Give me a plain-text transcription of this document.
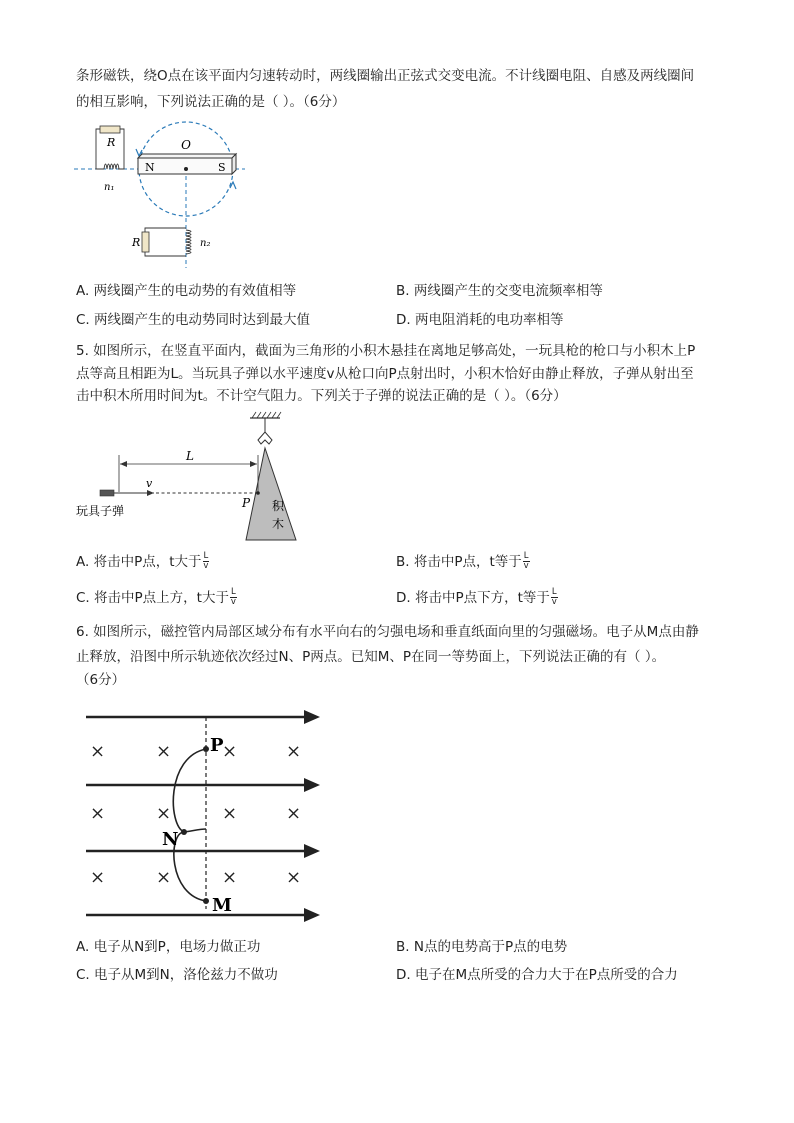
条形磁铁，绕O点在该平面内匀速转动时，两线圈输出正弦式交变电流。不计线圈电阻、自感及两线圈间
的相互影响，下列说法正确的是（ ）。（6分）
O
N	S
R
n₁
R	n₂
A. 两线圈产生的电动势的有效值相等	B. 两线圈产生的交变电流频率相等
C. 两线圈产生的电动势同时达到最大值	D. 两电阻消耗的电功率相等
5. 如图所示，在竖直平面内，截面为三角形的小积木悬挂在离地足够高处，一玩具枪的枪口与小积木上P
点等高且相距为L。当玩具子弹以水平速度v从枪口向P点射出时，小积木恰好由静止释放，子弹从射出至
击中积木所用时间为t。不计空气阻力。下列关于子弹的说法正确的是（ ）。（6分）
积
木
L
v
P
玩具子弹
A. 将击中P点，t大于 $\frac{L}{v}$	B. 将击中P点，t等于 $\frac{L}{v}$
C. 将击中P点上方，t大于 $\frac{L}{v}$	D. 将击中P点下方，t等于 $\frac{L}{v}$
6. 如图所示，磁控管内局部区域分布有水平向右的匀强电场和垂直纸面向里的匀强磁场。电子从M点由静
止释放，沿图中所示轨迹依次经过N、P两点。已知M、P在同一等势面上，下列说法正确的有（ ）。
（6分）
×	×	×	×
×	×	×	×
×	×	×	×
P
N
M
A. 电子从N到P，电场力做正功	B. N点的电势高于P点的电势
C. 电子从M到N，洛伦兹力不做功	D. 电子在M点所受的合力大于在P点所受的合力
